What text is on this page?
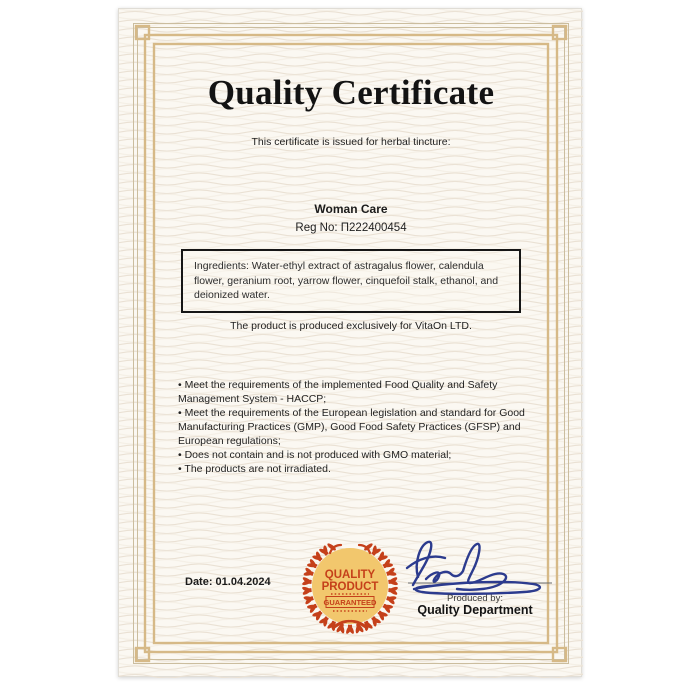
Quality Certificate
This certificate is issued for herbal tincture:
Woman Care
Reg No: П222400454
Ingredients: Water-ethyl extract of astragalus flower, calendula flower, geranium root, yarrow flower, cinquefoil stalk, ethanol, and deionized water.
The product is produced exclusively for VitaOn LTD.
• Meet the requirements of the implemented Food Quality and Safety Management System - HACCP;
• Meet the requirements of the European legislation and standard for Good Manufacturing Practices (GMP), Good Food Safety Practices (GFSP) and European regulations;
• Does not contain and is not produced with GMO material;
• The products are not irradiated.
Date: 01.04.2024
QUALITY
PRODUCT
GUARANTEED	Produced by:
Quality Department
